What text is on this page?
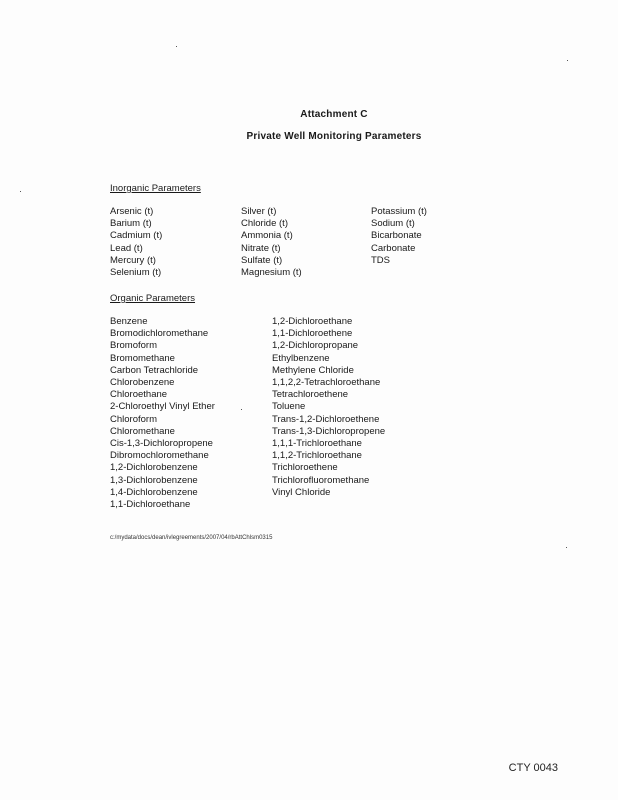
Attachment C
Private Well Monitoring Parameters
Inorganic Parameters
Arsenic (t)
Barium (t)
Cadmium (t)
Lead (t)
Mercury (t)
Selenium (t)
Silver (t)
Chloride (t)
Ammonia (t)
Nitrate (t)
Sulfate (t)
Magnesium (t)
Potassium (t)
Sodium (t)
Bicarbonate
Carbonate
TDS
Organic Parameters
Benzene
Bromodichloromethane
Bromoform
Bromomethane
Carbon Tetrachloride
Chlorobenzene
Chloroethane
2-Chloroethyl Vinyl Ether
Chloroform
Chloromethane
Cis-1,3-Dichloropropene
Dibromochloromethane
1,2-Dichlorobenzene
1,3-Dichlorobenzene
1,4-Dichlorobenzene
1,1-Dichloroethane
1,2-Dichloroethane
1,1-Dichloroethene
1,2-Dichloropropane
Ethylbenzene
Methylene Chloride
1,1,2,2-Tetrachloroethane
Tetrachloroethene
Toluene
Trans-1,2-Dichloroethene
Trans-1,3-Dichloropropene
1,1,1-Trichloroethane
1,1,2-Trichloroethane
Trichloroethene
Trichlorofluoromethane
Vinyl Chloride
c:/mydata/docs/dean/ivlegreements/2007/04/rbAttChlsm0315
CTY 0043
